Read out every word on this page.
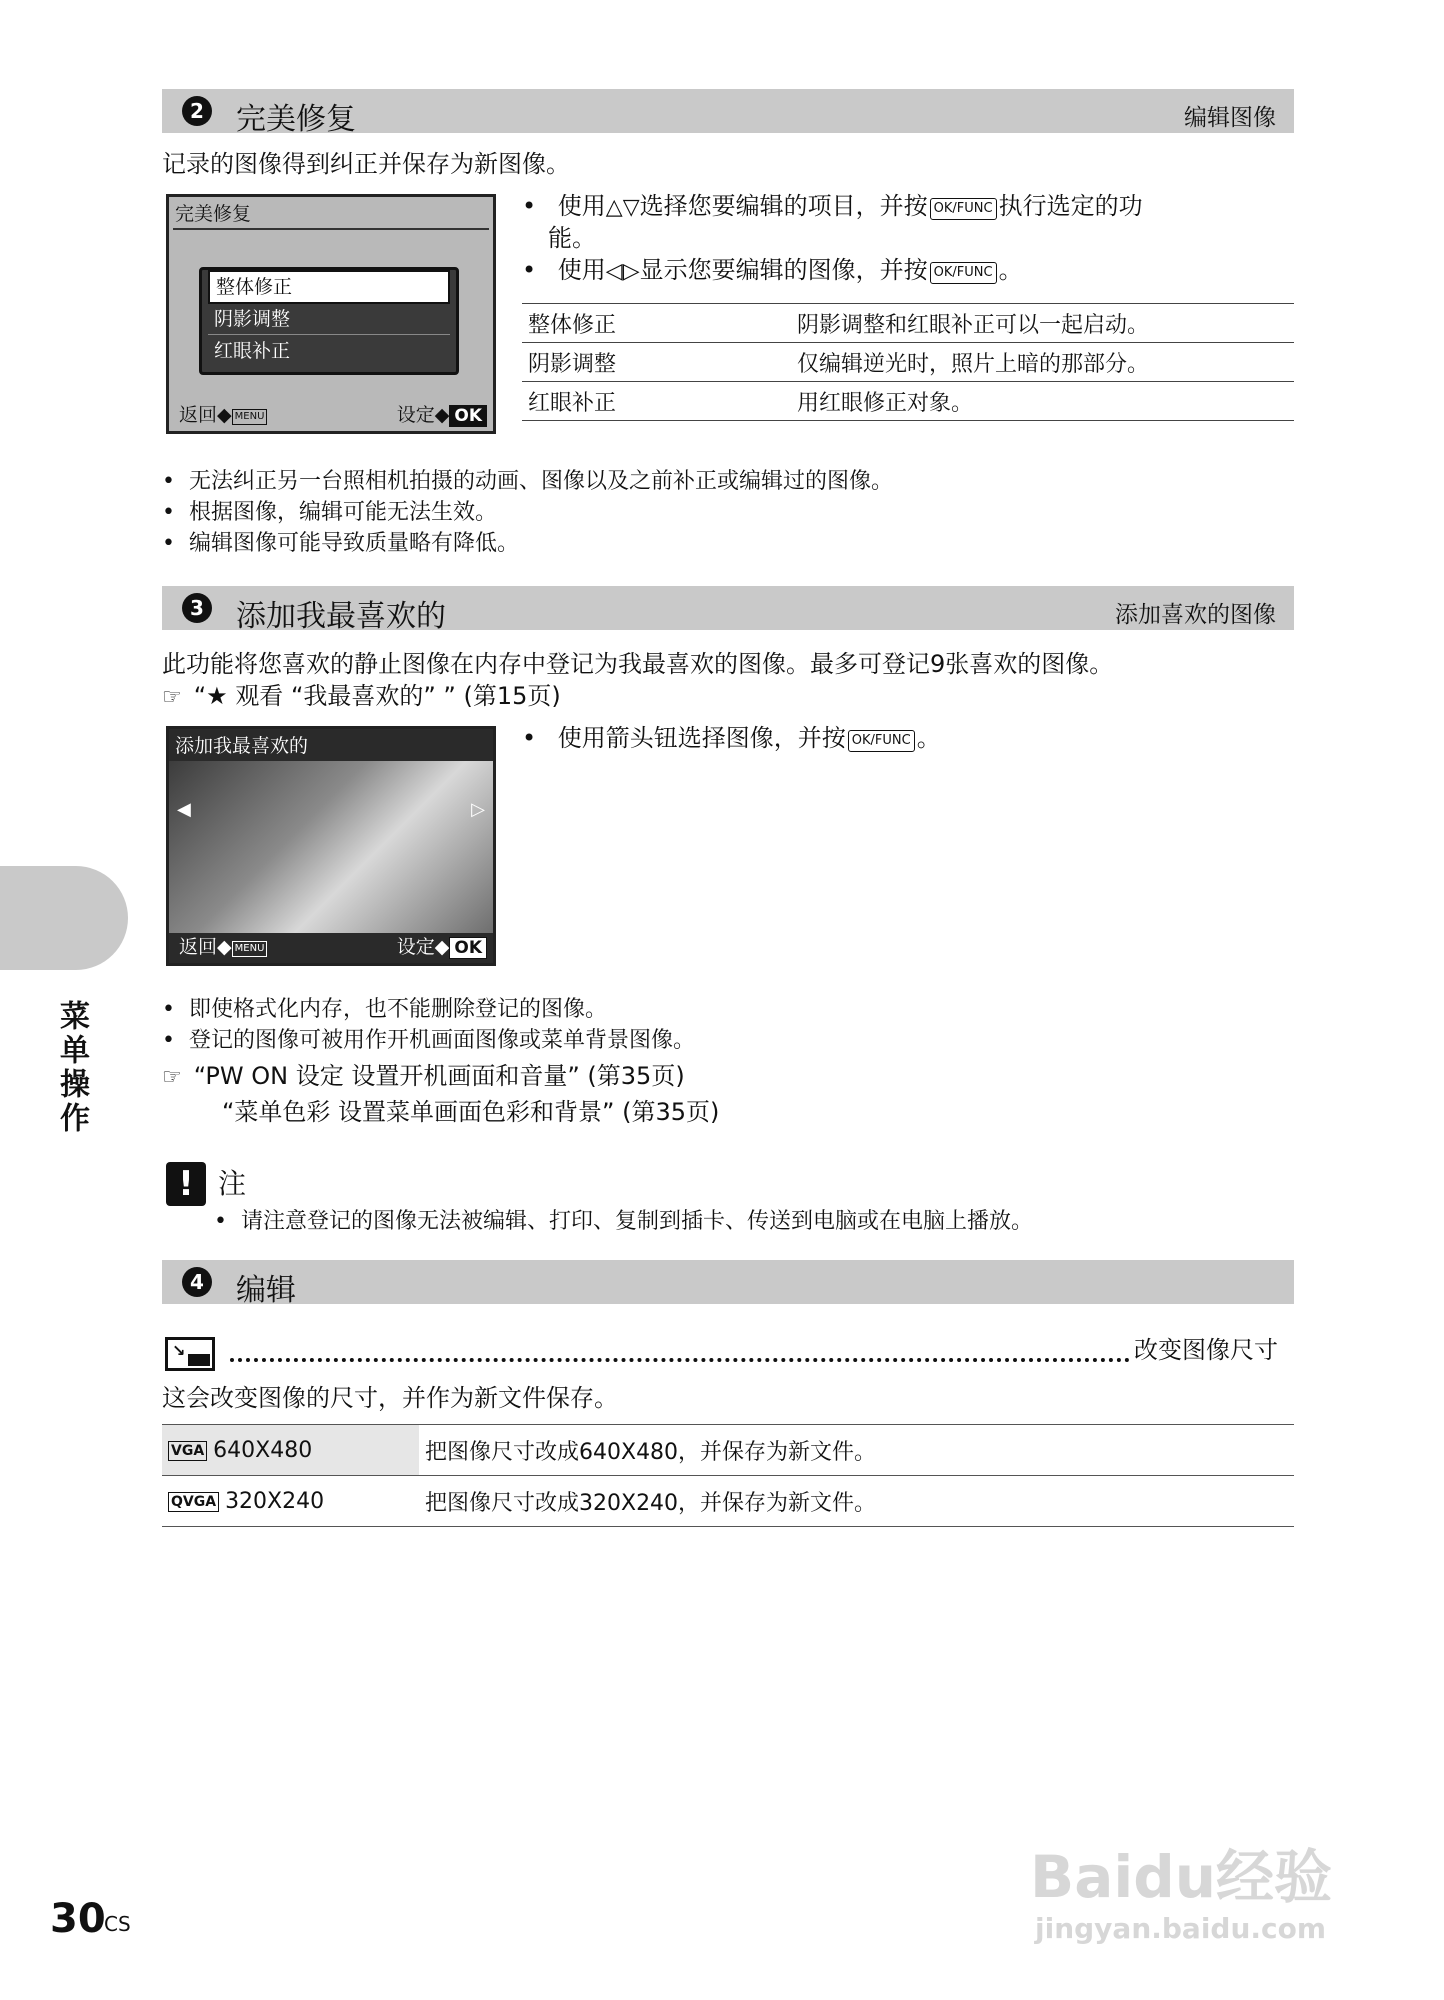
2 完美修复	编辑图像
记录的图像得到纠正并保存为新图像。
完美修复
整体修正
阴影调整
红眼补正
返回◆ MENU	设定◆ OK
• 使用△▽选择您要编辑的项目，并按 OK/FUNC 执行选定的功
能。
• 使用◁▷显示您要编辑的图像，并按 OK/FUNC 。
整体修正	阴影调整和红眼补正可以一起启动。
阴影调整	仅编辑逆光时，照片上暗的那部分。
红眼补正	用红眼修正对象。
• 无法纠正另一台照相机拍摄的动画、图像以及之前补正或编辑过的图像。
• 根据图像，编辑可能无法生效。
• 编辑图像可能导致质量略有降低。
3 添加我最喜欢的	添加喜欢的图像
此功能将您喜欢的静止图像在内存中登记为我最喜欢的图像。最多可登记9张喜欢的图像。
☞ “★ 观看 “我最喜欢的” ” (第15页)
添加我最喜欢的
◀	▷
返回◆ MENU	设定◆ OK
• 使用箭头钮选择图像，并按 OK/FUNC 。
• 即使格式化内存，也不能删除登记的图像。
• 登记的图像可被用作开机画面图像或菜单背景图像。
☞ “PW ON 设定 设置开机画面和音量” (第35页)
“菜单色彩 设置菜单画面色彩和背景” (第35页)
! 注
• 请注意登记的图像无法被编辑、打印、复制到插卡、传送到电脑或在电脑上播放。
4 编辑
↘	改变图像尺寸
这会改变图像的尺寸，并作为新文件保存。
VGA 640X480	把图像尺寸改成640X480，并保存为新文件。
QVGA 320X240	把图像尺寸改成320X240，并保存为新文件。
菜单操作
30
CS
Baidu经验
jingyan.baidu.com
